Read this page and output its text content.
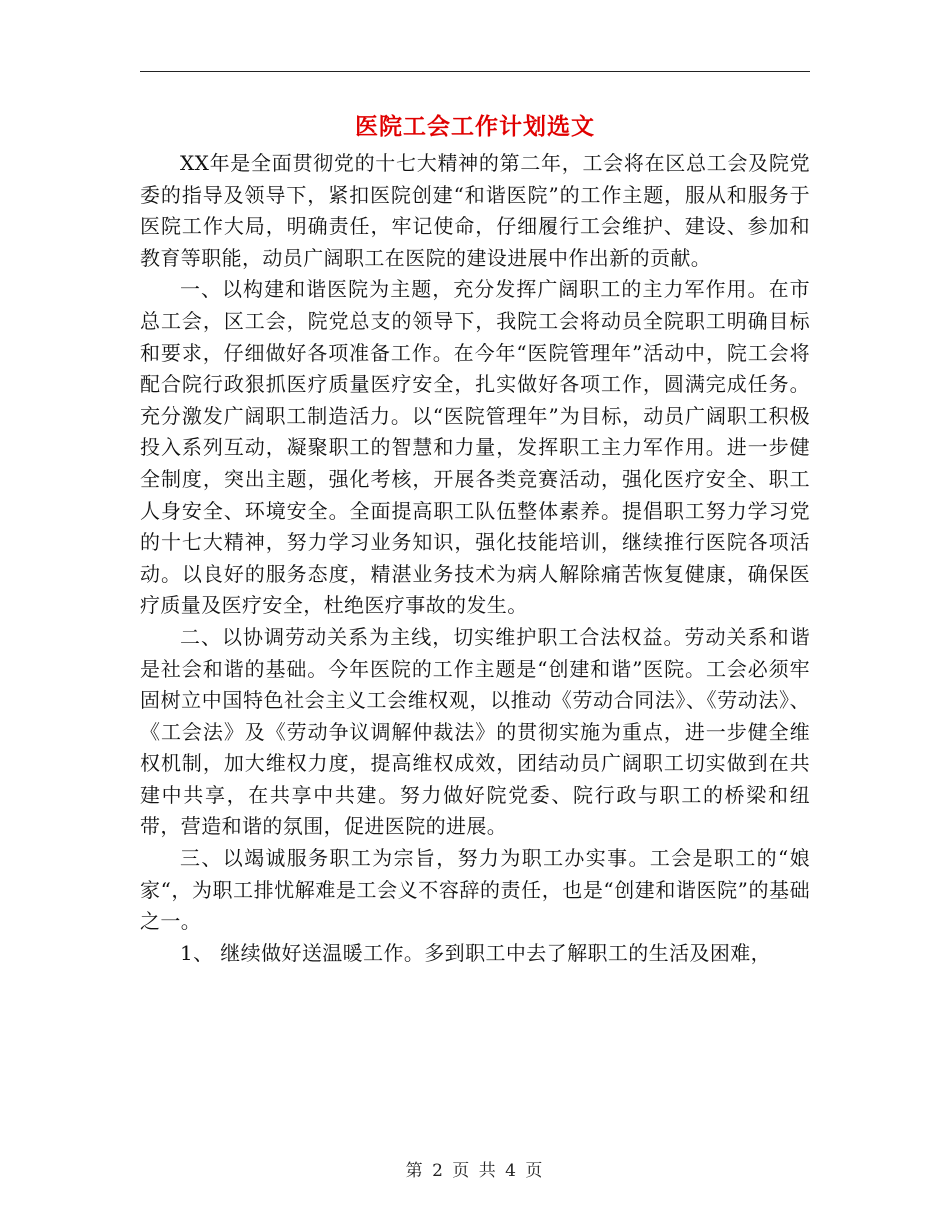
医院工会工作计划选文

XX年是全面贯彻党的十七大精神的第二年，工会将在区总工会及院党委的指导及领导下，紧扣医院创建“和谐医院”的工作主题，服从和服务于医院工作大局，明确责任，牢记使命，仔细履行工会维护、建设、参加和教育等职能，动员广阔职工在医院的建设进展中作出新的贡献。

一、以构建和谐医院为主题，充分发挥广阔职工的主力军作用。在市总工会，区工会，院党总支的领导下，我院工会将动员全院职工明确目标和要求，仔细做好各项准备工作。在今年“医院管理年”活动中，院工会将配合院行政狠抓医疗质量医疗安全，扎实做好各项工作，圆满完成任务。充分激发广阔职工制造活力。以“医院管理年”为目标，动员广阔职工积极投入系列互动，凝聚职工的智慧和力量，发挥职工主力军作用。进一步健全制度，突出主题，强化考核，开展各类竞赛活动，强化医疗安全、职工人身安全、环境安全。全面提高职工队伍整体素养。提倡职工努力学习党的十七大精神，努力学习业务知识，强化技能培训，继续推行医院各项活动。以良好的服务态度，精湛业务技术为病人解除痛苦恢复健康，确保医疗质量及医疗安全，杜绝医疗事故的发生。

二、以协调劳动关系为主线，切实维护职工合法权益。劳动关系和谐是社会和谐的基础。今年医院的工作主题是“创建和谐”医院。工会必须牢固树立中国特色社会主义工会维权观，以推动《劳动合同法》、《劳动法》、《工会法》及《劳动争议调解仲裁法》的贯彻实施为重点，进一步健全维权机制，加大维权力度，提高维权成效，团结动员广阔职工切实做到在共建中共享，在共享中共建。努力做好院党委、院行政与职工的桥梁和纽带，营造和谐的氛围，促进医院的进展。

三、以竭诚服务职工为宗旨，努力为职工办实事。工会是职工的“娘家“，为职工排忧解难是工会义不容辞的责任，也是“创建和谐医院”的基础之一。

1、 继续做好送温暖工作。多到职工中去了解职工的生活及困难，

第 2 页 共 4 页
